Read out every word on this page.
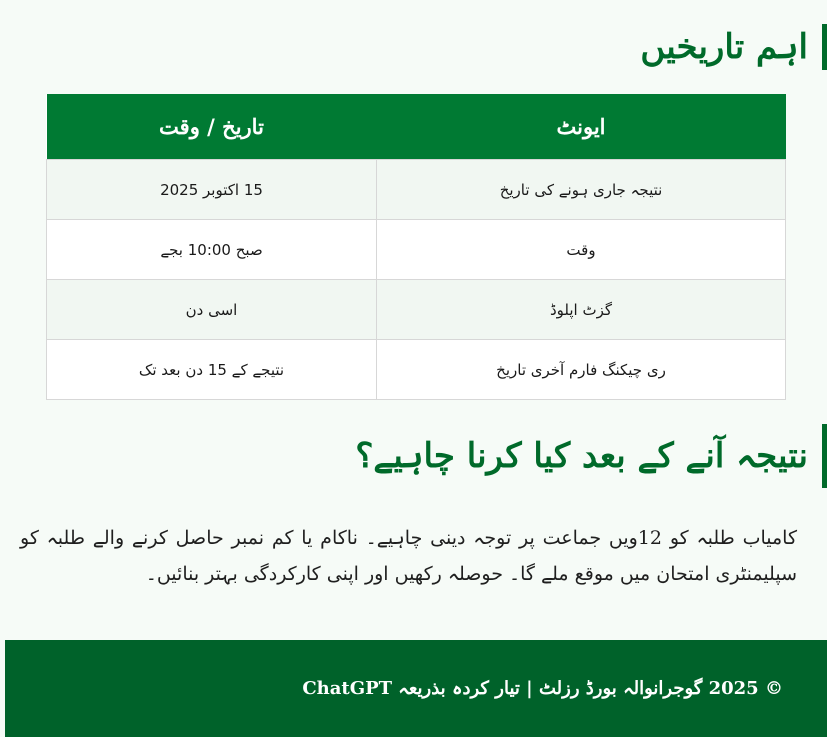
اہم تاریخیں
ایونٹ	تاریخ / وقت
نتیجہ جاری ہونے کی تاریخ	15 اکتوبر 2025
وقت	صبح 10:00 بجے
گزٹ اپلوڈ	اسی دن
ری چیکنگ فارم آخری تاریخ	نتیجے کے 15 دن بعد تک
نتیجہ آنے کے بعد کیا کرنا چاہیے؟

کامیاب طلبہ کو 12ویں جماعت پر توجہ دینی چاہیے۔ ناکام یا کم نمبر حاصل کرنے والے طلبہ کو سپلیمنٹری امتحان میں موقع ملے گا۔ حوصلہ رکھیں اور اپنی کارکردگی بہتر بنائیں۔

© 2025 گوجرانوالہ بورڈ رزلٹ | تیار کردہ بذریعہ ChatGPT
